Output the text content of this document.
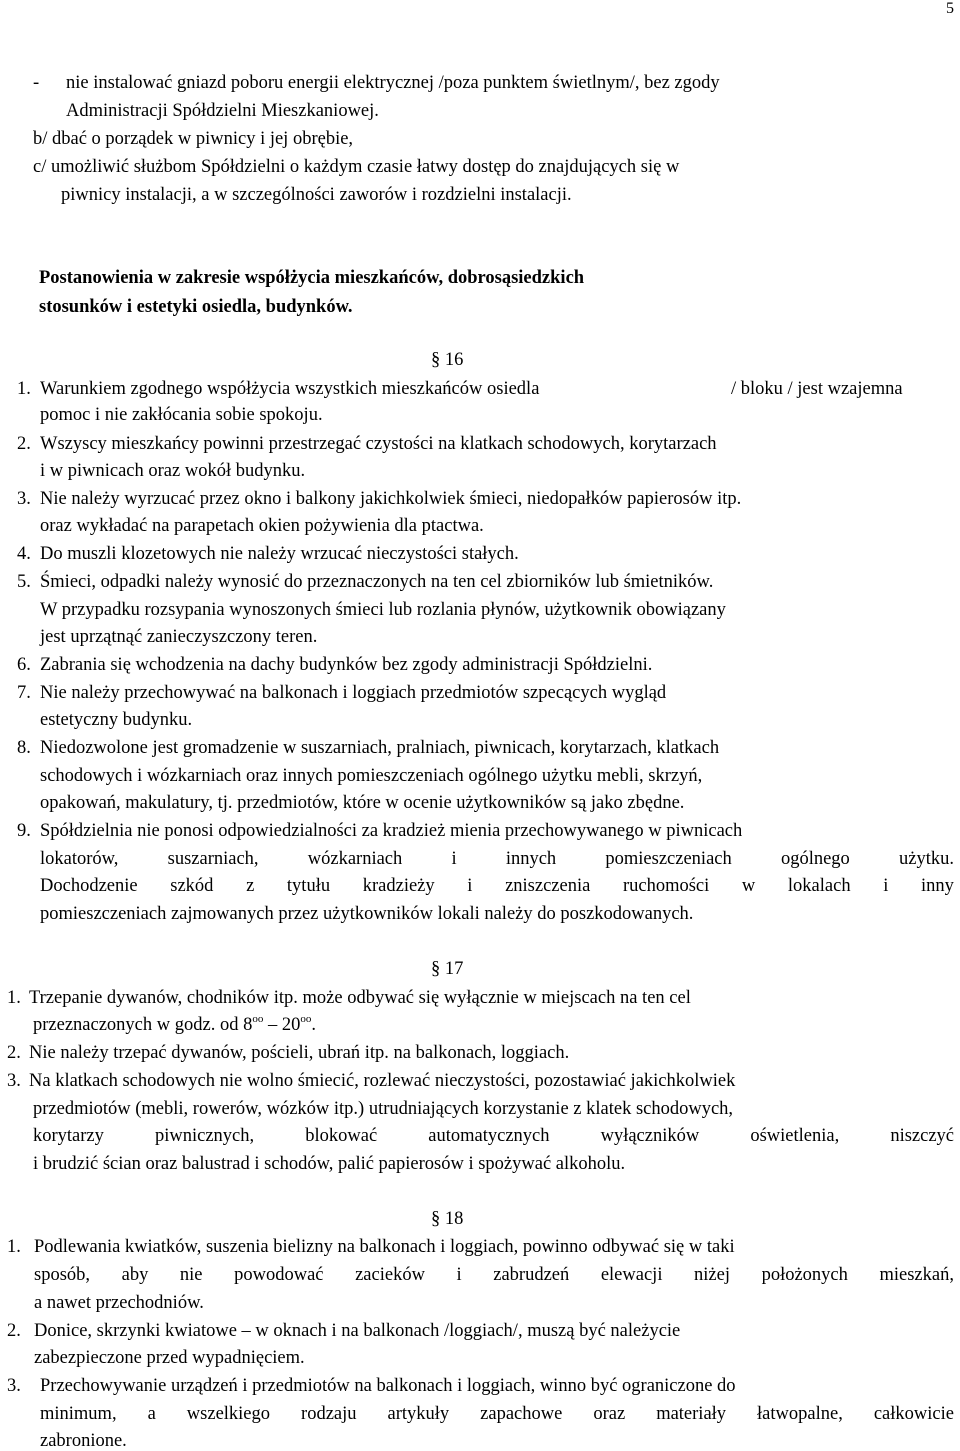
5
- nie instalować gniazd poboru energii elektrycznej /poza punktem świetlnym/, bez zgody
Administracji Spółdzielni Mieszkaniowej.
b/ dbać o porządek w piwnicy i jej obrębie,
c/ umożliwić służbom Spółdzielni o każdym czasie łatwy dostęp do znajdujących się w
piwnicy instalacji, a w szczególności zaworów i rozdzielni instalacji.
Postanowienia w zakresie współżycia mieszkańców, dobrosąsiedzkich
stosunków i estetyki osiedla, budynków.
§ 16
1. Warunkiem zgodnego współżycia wszystkich mieszkańców osiedla	/ bloku / jest wzajemna
pomoc i nie zakłócania sobie spokoju.
2. Wszyscy mieszkańcy powinni przestrzegać czystości na klatkach schodowych, korytarzach
i w piwnicach oraz wokół budynku.
3. Nie należy wyrzucać przez okno i balkony jakichkolwiek śmieci, niedopałków papierosów itp.
oraz wykładać na parapetach okien pożywienia dla ptactwa.
4. Do muszli klozetowych nie należy wrzucać nieczystości stałych.
5. Śmieci, odpadki należy wynosić do przeznaczonych na ten cel zbiorników lub śmietników.
W przypadku rozsypania wynoszonych śmieci lub rozlania płynów, użytkownik obowiązany
jest uprzątnąć zanieczyszczony teren.
6. Zabrania się wchodzenia na dachy budynków bez zgody administracji Spółdzielni.
7. Nie należy przechowywać na balkonach i loggiach przedmiotów szpecących wygląd
estetyczny budynku.
8. Niedozwolone jest gromadzenie w suszarniach, pralniach, piwnicach, korytarzach, klatkach
schodowych i wózkarniach oraz innych pomieszczeniach ogólnego użytku mebli, skrzyń,
opakowań, makulatury, tj. przedmiotów, które w ocenie użytkowników są jako zbędne.
9. Spółdzielnia nie ponosi odpowiedzialności za kradzież mienia przechowywanego w piwnicach
lokatorów,	suszarniach,	wózkarniach	i	innych	pomieszczeniach	ogólnego	użytku.
Dochodzenie szkód z tytułu kradzieży i zniszczenia ruchomości w lokalach i inny
pomieszczeniach zajmowanych przez użytkowników lokali należy do poszkodowanych.
§ 17
1. Trzepanie dywanów, chodników itp. może odbywać się wyłącznie w miejscach na ten cel
przeznaczonych w godz. od $8^{oo} - 20^{oo}$.
2. Nie należy trzepać dywanów, pościeli, ubrań itp. na balkonach, loggiach.
3. Na klatkach schodowych nie wolno śmiecić, rozlewać nieczystości, pozostawiać jakichkolwiek
przedmiotów (mebli, rowerów, wózków itp.) utrudniających korzystanie z klatek schodowych,
korytarzy	piwnicznych,	blokować	automatycznych	wyłączników	oświetlenia,	niszczyć
i brudzić ścian oraz balustrad i schodów, palić papierosów i spożywać alkoholu.
§ 18
1. Podlewania kwiatków, suszenia bielizny na balkonach i loggiach, powinno odbywać się w taki
sposób, aby nie powodować zacieków i zabrudzeń elewacji niżej położonych mieszkań,
a nawet przechodniów.
2. Donice, skrzynki kwiatowe – w oknach i na balkonach /loggiach/, muszą być należycie
zabezpieczone przed wypadnięciem.
3. Przechowywanie urządzeń i przedmiotów na balkonach i loggiach, winno być ograniczone do
minimum, a wszelkiego rodzaju artykuły zapachowe oraz materiały łatwopalne, całkowicie
zabronione.
